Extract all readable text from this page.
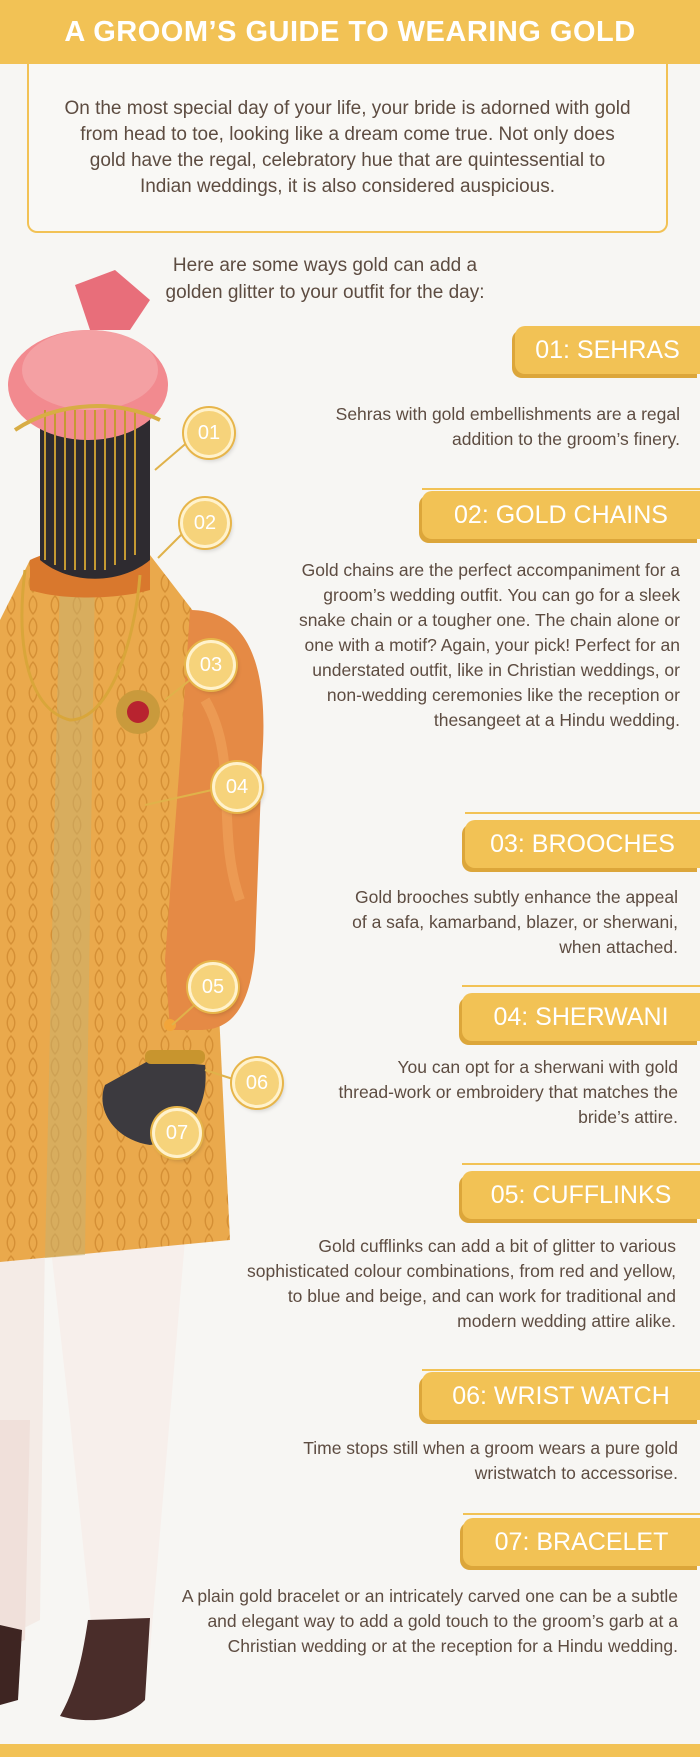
A GROOM’S GUIDE TO WEARING GOLD

On the most special day of your life, your bride is adorned with gold from head to toe, looking like a dream come true. Not only does gold have the regal, celebratory hue that are quintessential to Indian weddings, it is also considered auspicious.

Here are some ways gold can add a golden glitter to your outfit for the day:

01
02
03
04
05
06
07
01: SEHRAS

Sehras with gold embellishments are a regal addition to the groom’s finery.

02: GOLD CHAINS

Gold chains are the perfect accompaniment for a groom’s wedding outfit. You can go for a sleek snake chain or a tougher one. The chain alone or one with a motif? Again, your pick! Perfect for an understated outfit, like in Christian weddings, or non-wedding ceremonies like the reception or thesangeet at a Hindu wedding.

03: BROOCHES

Gold brooches subtly enhance the appeal of a safa, kamarband, blazer, or sherwani, when attached.

04: SHERWANI

You can opt for a sherwani with gold thread-work or embroidery that matches the bride’s attire.

05: CUFFLINKS

Gold cufflinks can add a bit of glitter to various sophisticated colour combinations, from red and yellow, to blue and beige, and can work for traditional and modern wedding attire alike.

06: WRIST WATCH

Time stops still when a groom wears a pure gold wristwatch to accessorise.

07: BRACELET

A plain gold bracelet or an intricately carved one can be a subtle and elegant way to add a gold touch to the groom’s garb at a Christian wedding or at the reception for a Hindu wedding.
